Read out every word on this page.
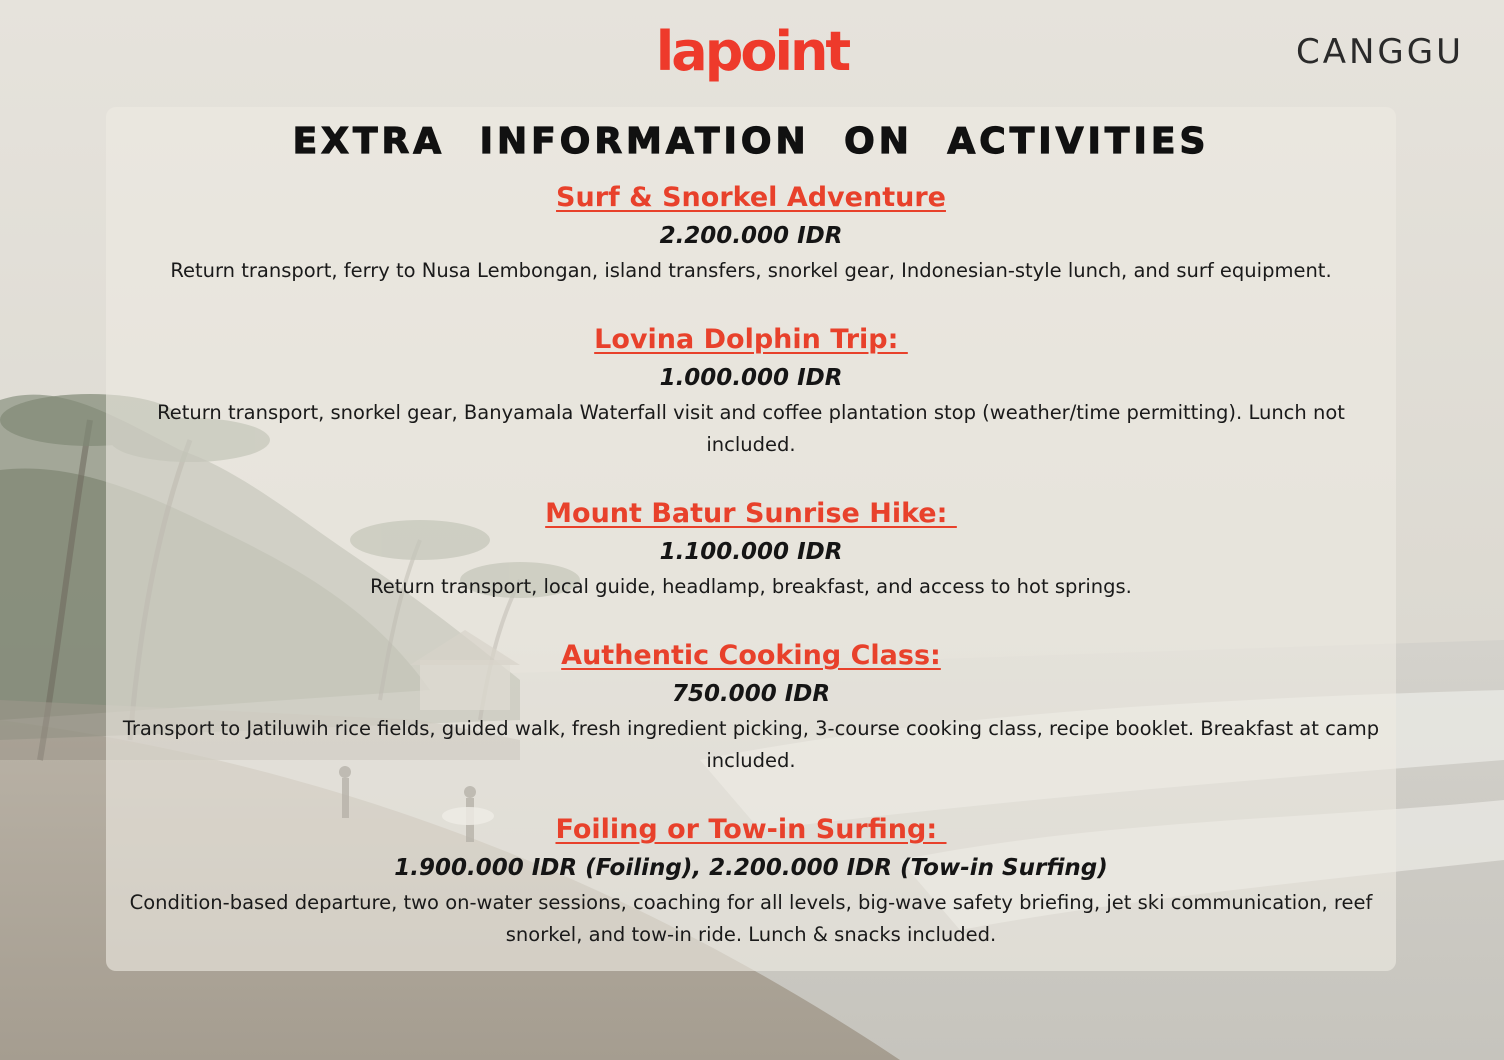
lapoint	CANGGU
EXTRA INFORMATION ON ACTIVITIES
Surf & Snorkel Adventure
2.200.000 IDR
Return transport, ferry to Nusa Lembongan, island transfers, snorkel gear, Indonesian-style lunch, and surf equipment.
Lovina Dolphin Trip:
1.000.000 IDR
Return transport, snorkel gear, Banyamala Waterfall visit and coffee plantation stop (weather/time permitting). Lunch not included.
Mount Batur Sunrise Hike:
1.100.000 IDR
Return transport, local guide, headlamp, breakfast, and access to hot springs.
Authentic Cooking Class:
750.000 IDR
Transport to Jatiluwih rice fields, guided walk, fresh ingredient picking, 3-course cooking class, recipe booklet. Breakfast at camp included.
Foiling or Tow-in Surfing:
1.900.000 IDR (Foiling), 2.200.000 IDR (Tow-in Surfing)
Condition-based departure, two on-water sessions, coaching for all levels, big-wave safety briefing, jet ski communication, reef snorkel, and tow-in ride. Lunch & snacks included.
